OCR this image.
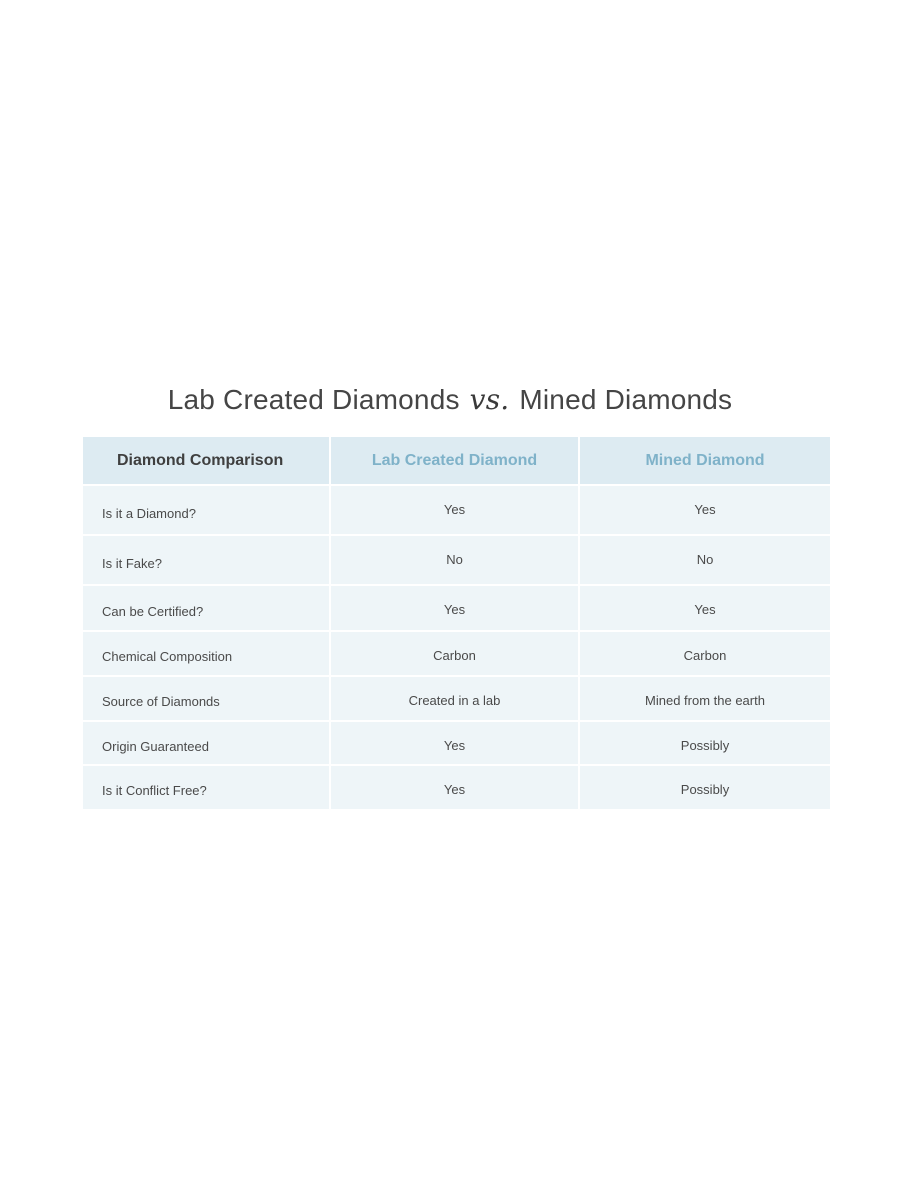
Lab Created Diamonds vs. Mined Diamonds
Diamond Comparison	Lab Created Diamond	Mined Diamond
Is it a Diamond?	Yes	Yes
Is it Fake?	No	No
Can be Certified?	Yes	Yes
Chemical Composition	Carbon	Carbon
Source of Diamonds	Created in a lab	Mined from the earth
Origin Guaranteed	Yes	Possibly
Is it Conflict Free?	Yes	Possibly
